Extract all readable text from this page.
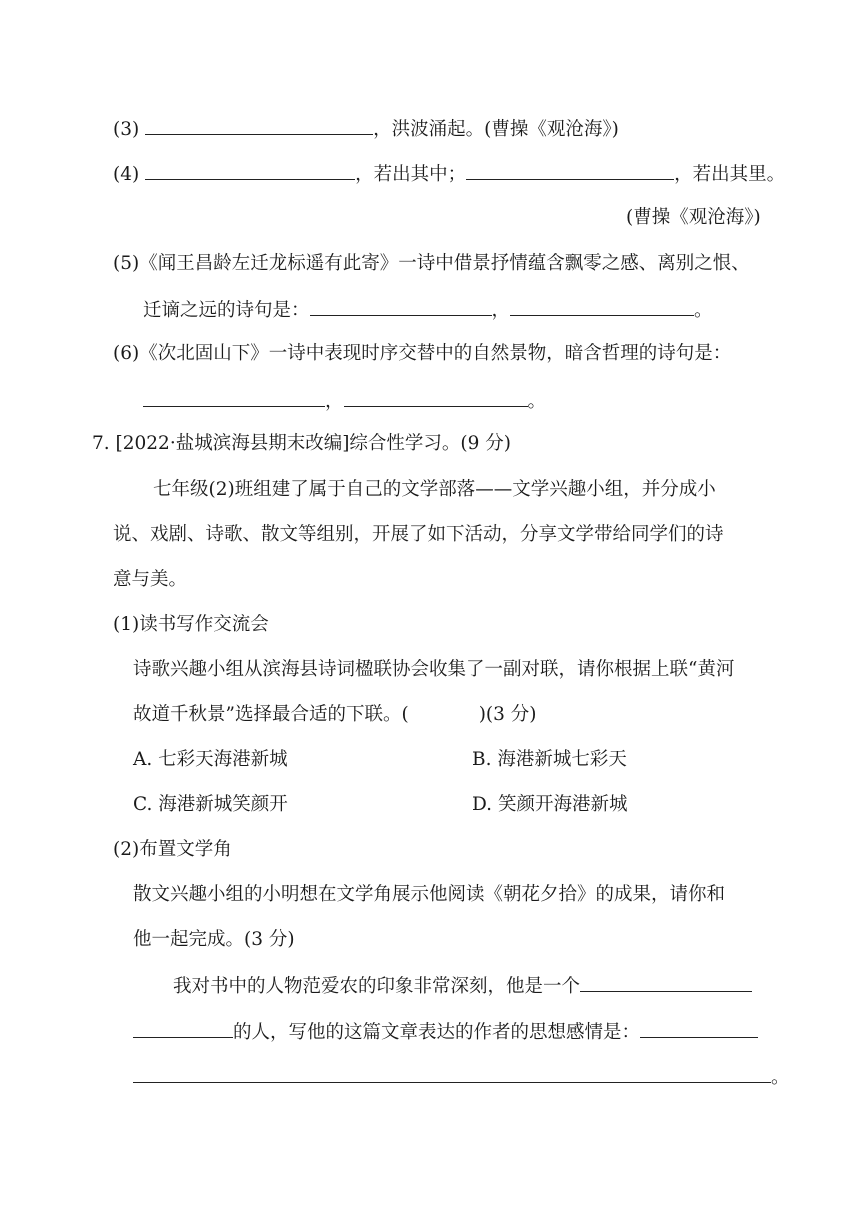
(3)	，洪波涌起。(曹操《观沧海》)
(4)	，若出其中；	，若出其里。
(曹操《观沧海》)
(5)《闻王昌龄左迁龙标遥有此寄》一诗中借景抒情蕴含飘零之感、离别之恨、
迁谪之远的诗句是：	，	。
(6)《次北固山下》一诗中表现时序交替中的自然景物，暗含哲理的诗句是：
，	。
7. [2022·盐城滨海县期末改编]综合性学习。(9 分)
七年级(2)班组建了属于自己的文学部落——文学兴趣小组，并分成小
说、戏剧、诗歌、散文等组别，开展了如下活动，分享文学带给同学们的诗
意与美。
(1)读书写作交流会
诗歌兴趣小组从滨海县诗词楹联协会收集了一副对联，请你根据上联“黄河
故道千秋景”选择最合适的下联。(	)(3 分)
A. 七彩天海港新城	B. 海港新城七彩天
C. 海港新城笑颜开	D. 笑颜开海港新城
(2)布置文学角
散文兴趣小组的小明想在文学角展示他阅读《朝花夕拾》的成果，请你和
他一起完成。(3 分)
我对书中的人物范爱农的印象非常深刻，他是一个
的人，写他的这篇文章表达的作者的思想感情是：
。
